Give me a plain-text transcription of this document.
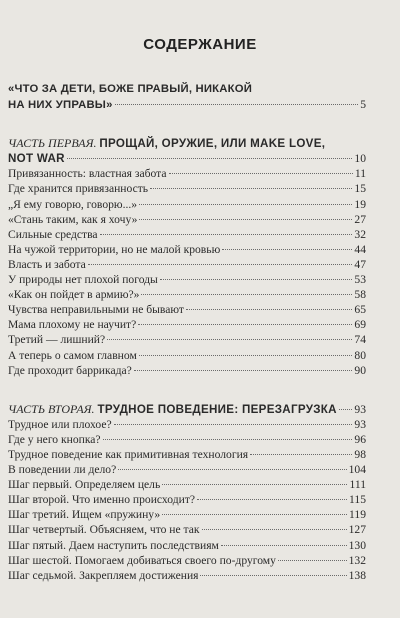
СОДЕРЖАНИЕ
«ЧТО ЗА ДЕТИ, БОЖЕ ПРАВЫЙ, НИКАКОЙ
НА НИХ УПРАВЫ»	5
ЧАСТЬ ПЕРВАЯ. ПРОЩАЙ, ОРУЖИЕ, ИЛИ MAKE LOVE,
NOT WAR	10
Привязанность: властная забота	11
Где хранится привязанность	15
„Я ему говорю, говорю...»	19
«Стань таким, как я хочу»	27
Сильные средства	32
На чужой территории, но не малой кровью	44
Власть и забота	47
У природы нет плохой погоды	53
«Как он пойдет в армию?»	58
Чувства неправильными не бывают	65
Мама плохому не научит?	69
Третий — лишний?	74
А теперь о самом главном	80
Где проходит баррикада?	90
ЧАСТЬ ВТОРАЯ. ТРУДНОЕ ПОВЕДЕНИЕ: ПЕРЕЗАГРУЗКА 93
Трудное или плохое?	93
Где у него кнопка?	96
Трудное поведение как примитивная технология	98
В поведении ли дело?	104
Шаг первый. Определяем цель	111
Шаг второй. Что именно происходит?	115
Шаг третий. Ищем «пружину»	119
Шаг четвертый. Объясняем, что не так	127
Шаг пятый. Даем наступить последствиям	130
Шаг шестой. Помогаем добиваться своего по-другому	132
Шаг седьмой. Закрепляем достижения	138
